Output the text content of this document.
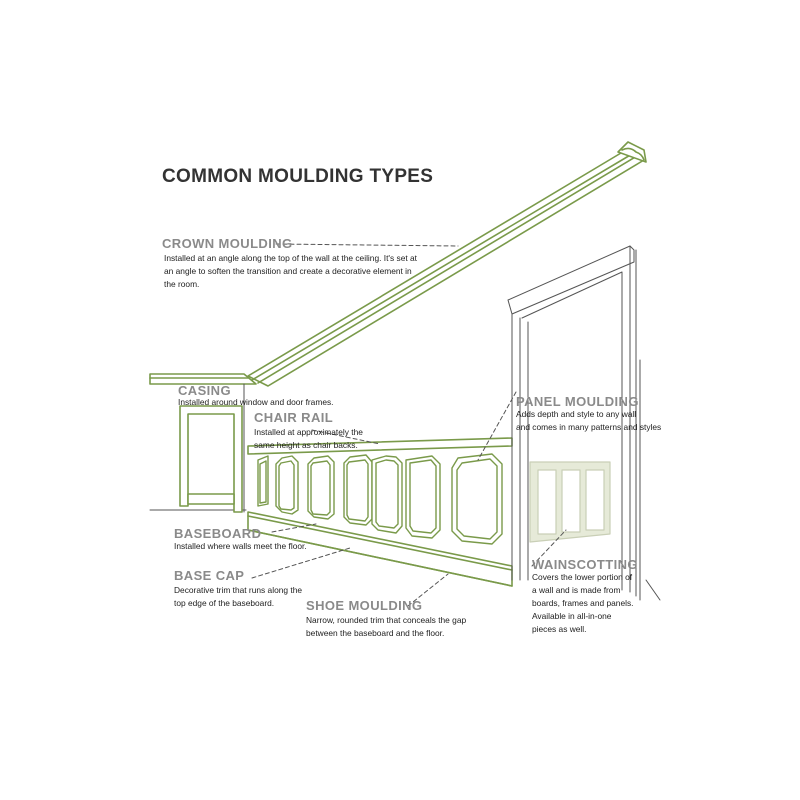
COMMON MOULDING TYPES
CROWN MOULDING
Installed at an angle along the top of the wall at the ceiling. It's set at
an angle to soften the transition and create a decorative element in
the room.
CASING
Installed around window and door frames.
CHAIR RAIL
Installed at approximately the
same height as chair backs.
PANEL MOULDING
Adds depth and style to any wall
and comes in many patterns and styles
BASEBOARD
Installed where walls meet the floor.
BASE CAP
Decorative trim that runs along the
top edge of the baseboard.	SHOE MOULDING
Narrow, rounded trim that conceals the gap
between the baseboard and the floor.
WAINSCOTTING
Covers the lower portion of
a wall and is made from
boards, frames and panels.
Available in all-in-one
pieces as well.
